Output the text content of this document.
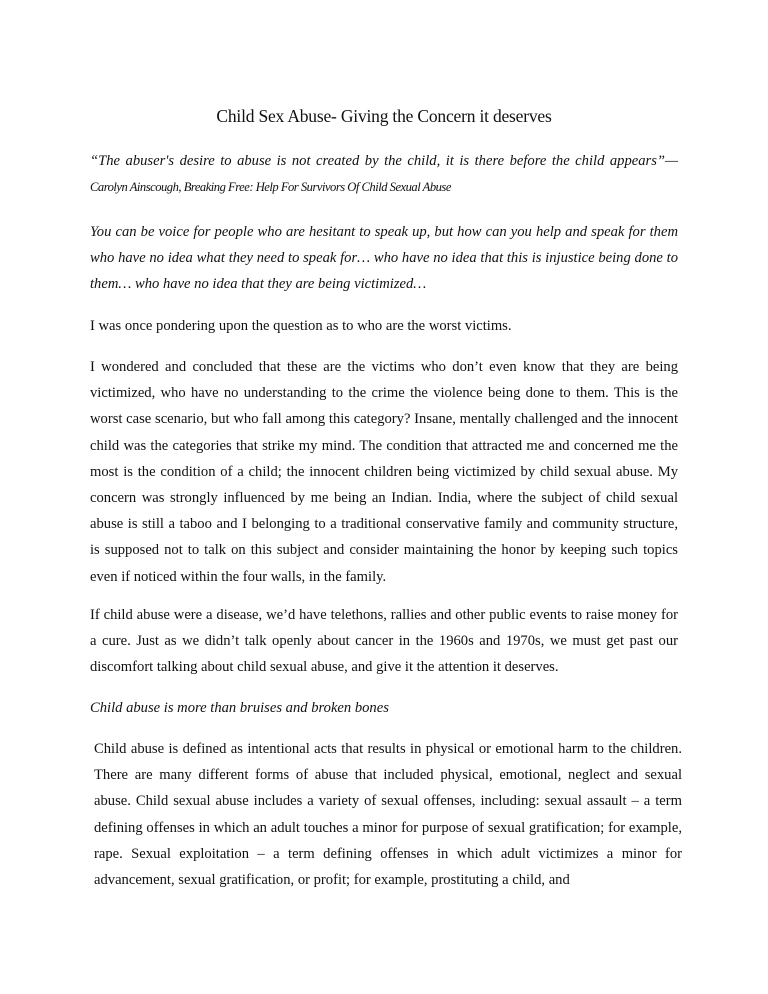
Child Sex Abuse- Giving the Concern it deserves

“The abuser's desire to abuse is not created by the child, it is there before the child appears”— Carolyn Ainscough, Breaking Free: Help For Survivors Of Child Sexual Abuse

You can be voice for people who are hesitant to speak up, but how can you help and speak for them who have no idea what they need to speak for… who have no idea that this is injustice being done to them… who have no idea that they are being victimized…

I was once pondering upon the question as to who are the worst victims.

I wondered and concluded that these are the victims who don’t even know that they are being victimized, who have no understanding to the crime the violence being done to them. This is the worst case scenario, but who fall among this category? Insane, mentally challenged and the innocent child was the categories that strike my mind. The condition that attracted me and concerned me the most is the condition of a child; the innocent children being victimized by child sexual abuse. My concern was strongly influenced by me being an Indian. India, where the subject of child sexual abuse is still a taboo and I belonging to a traditional conservative family and community structure, is supposed not to talk on this subject and consider maintaining the honor by keeping such topics even if noticed within the four walls, in the family.

If child abuse were a disease, we’d have telethons, rallies and other public events to raise money for a cure. Just as we didn’t talk openly about cancer in the 1960s and 1970s, we must get past our discomfort talking about child sexual abuse, and give it the attention it deserves.

Child abuse is more than bruises and broken bones

Child abuse is defined as intentional acts that results in physical or emotional harm to the children. There are many different forms of abuse that included physical, emotional, neglect and sexual abuse. Child sexual abuse includes a variety of sexual offenses, including: sexual assault – a term defining offenses in which an adult touches a minor for purpose of sexual gratification; for example, rape. Sexual exploitation – a term defining offenses in which adult victimizes a minor for advancement, sexual gratification, or profit; for example, prostituting a child, and
